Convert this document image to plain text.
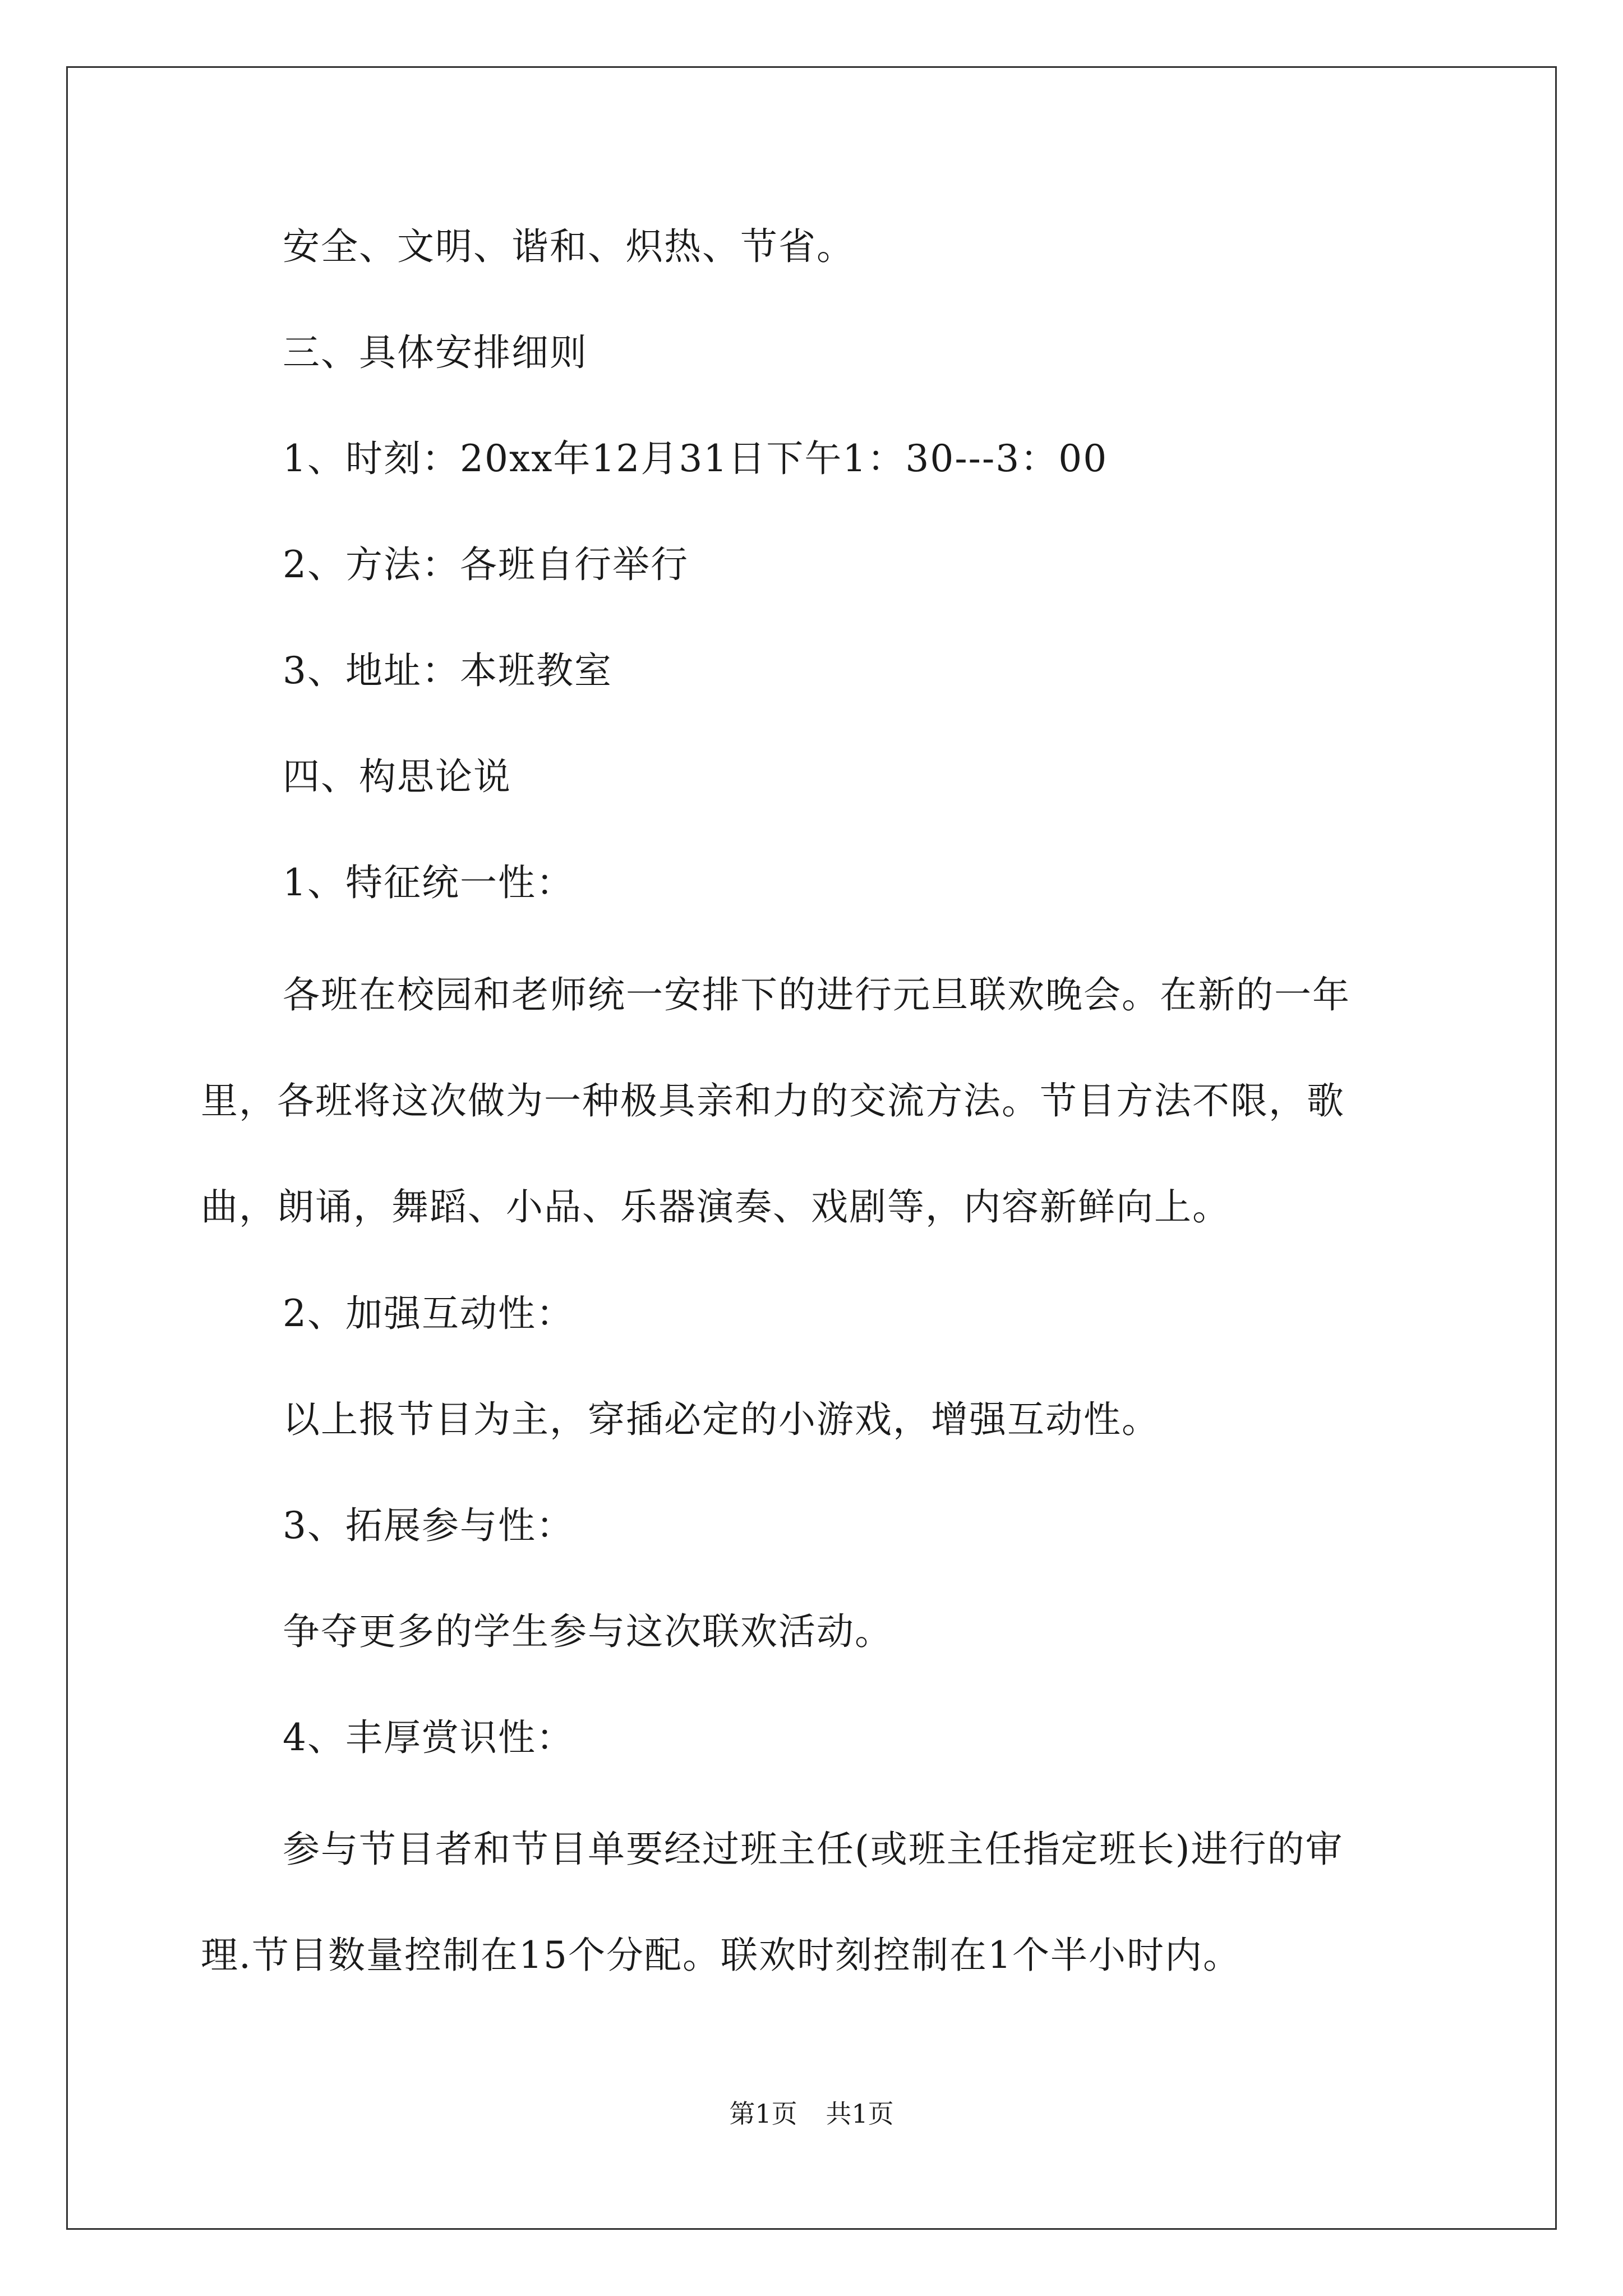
安全、文明、谐和、炽热、节省。

三、具体安排细则

1、时刻：20xx年12月31日下午1：30---3：00

2、方法：各班自行举行

3、地址：本班教室

四、构思论说

1、特征统一性：

各班在校园和老师统一安排下的进行元旦联欢晚会。在新的一年

里，各班将这次做为一种极具亲和力的交流方法。节目方法不限，歌

曲，朗诵，舞蹈、小品、乐器演奏、戏剧等，内容新鲜向上。

2、加强互动性：

以上报节目为主，穿插必定的小游戏，增强互动性。

3、拓展参与性：

争夺更多的学生参与这次联欢活动。

4、丰厚赏识性：

参与节目者和节目单要经过班主任(或班主任指定班长)进行的审

理.节目数量控制在15个分配。联欢时刻控制在1个半小时内。

第1页 共1页
